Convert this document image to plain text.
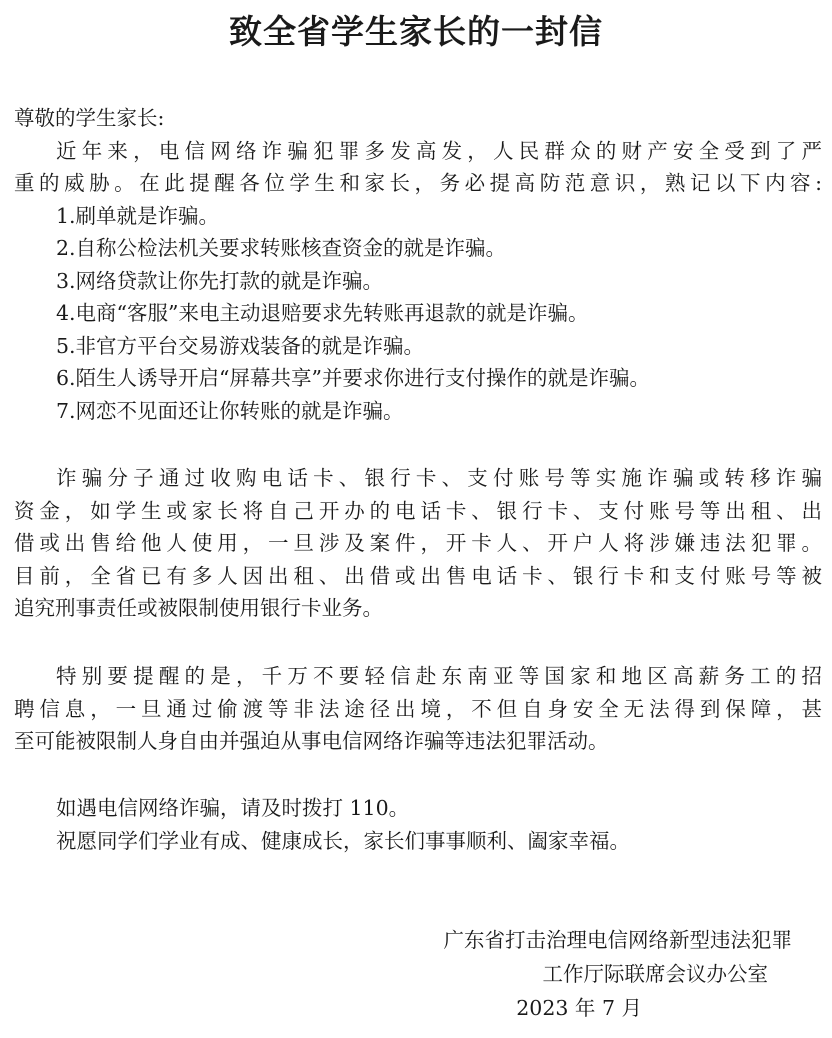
致全省学生家长的一封信
尊敬的学生家长:
近年来，电信网络诈骗犯罪多发高发，人民群众的财产安全受到了严
重的威胁。在此提醒各位学生和家长，务必提高防范意识，熟记以下内容:
1.刷单就是诈骗。
2.自称公检法机关要求转账核查资金的就是诈骗。
3.网络贷款让你先打款的就是诈骗。
4.电商“客服”来电主动退赔要求先转账再退款的就是诈骗。
5.非官方平台交易游戏装备的就是诈骗。
6.陌生人诱导开启“屏幕共享”并要求你进行支付操作的就是诈骗。
7.网恋不见面还让你转账的就是诈骗。
诈骗分子通过收购电话卡、银行卡、支付账号等实施诈骗或转移诈骗
资金，如学生或家长将自己开办的电话卡、银行卡、支付账号等出租、出
借或出售给他人使用，一旦涉及案件，开卡人、开户人将涉嫌违法犯罪。
目前，全省已有多人因出租、出借或出售电话卡、银行卡和支付账号等被
追究刑事责任或被限制使用银行卡业务。
特别要提醒的是，千万不要轻信赴东南亚等国家和地区高薪务工的招
聘信息，一旦通过偷渡等非法途径出境，不但自身安全无法得到保障，甚
至可能被限制人身自由并强迫从事电信网络诈骗等违法犯罪活动。
如遇电信网络诈骗，请及时拨打 110。
祝愿同学们学业有成、健康成长，家长们事事顺利、阖家幸福。
广东省打击治理电信网络新型违法犯罪
工作厅际联席会议办公室
2023 年 7 月
